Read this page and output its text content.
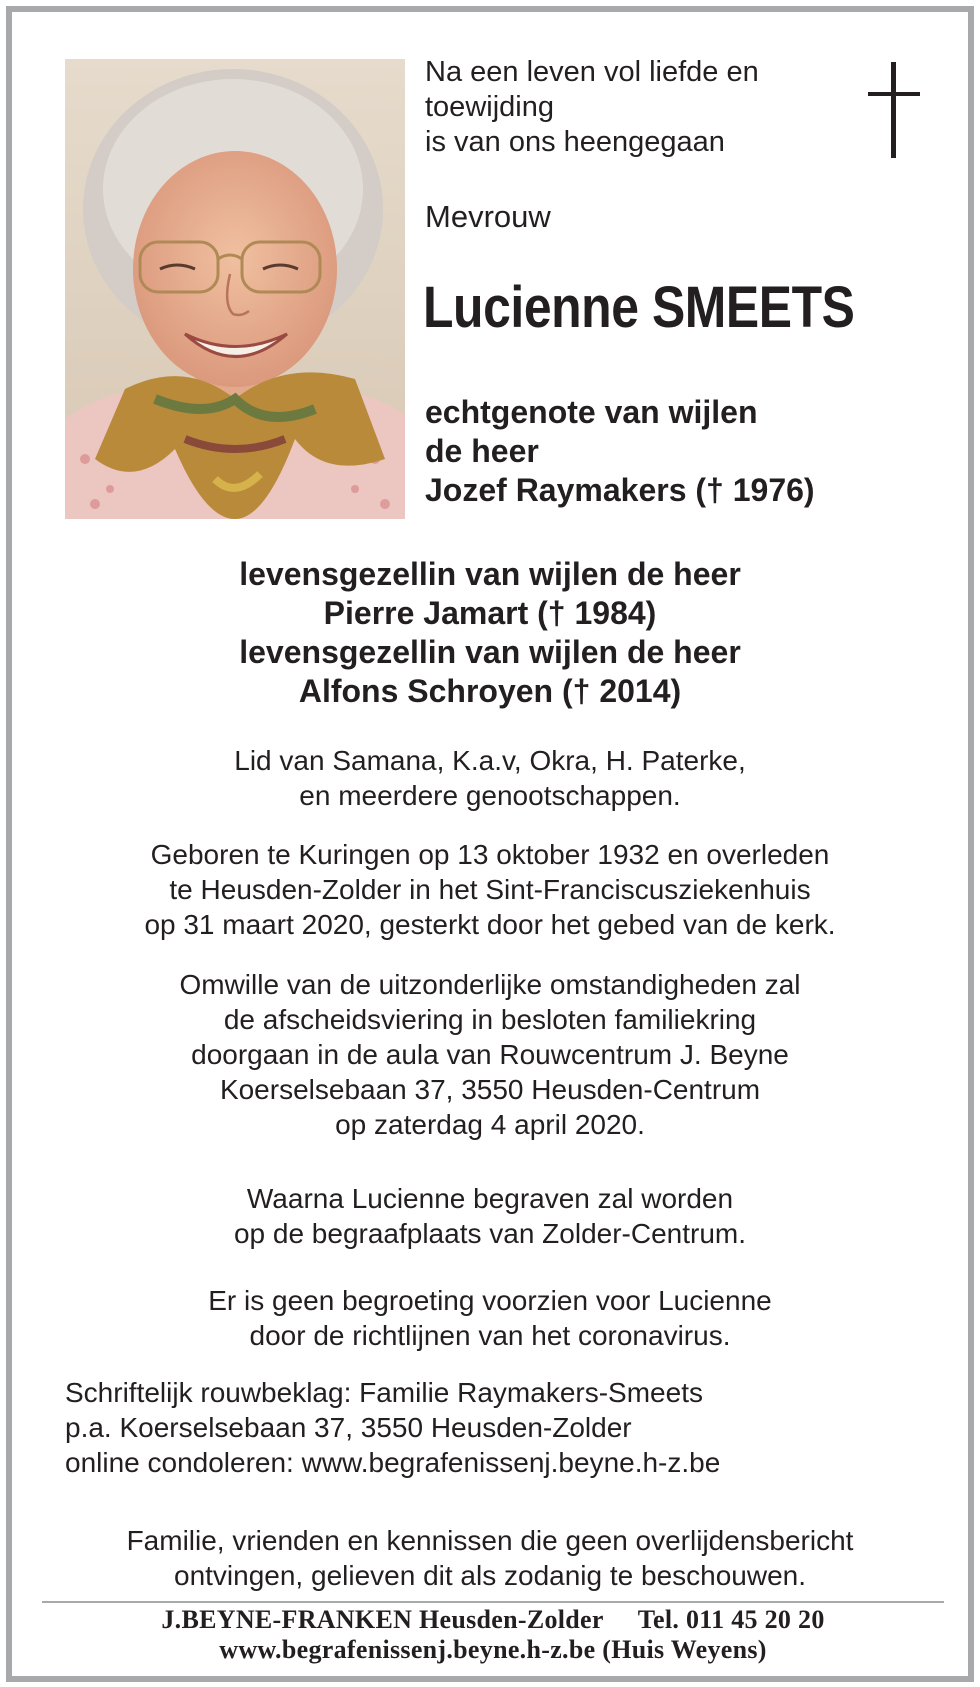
Na een leven vol liefde en
toewijding
is van ons heengegaan
Mevrouw
Lucienne SMEETS
echtgenote van wijlen
de heer
Jozef Raymakers († 1976)
levensgezellin van wijlen de heer
Pierre Jamart († 1984)
levensgezellin van wijlen de heer
Alfons Schroyen († 2014)
Lid van Samana, K.a.v, Okra, H. Paterke,
en meerdere genootschappen.
Geboren te Kuringen op 13 oktober 1932 en overleden
te Heusden-Zolder in het Sint-Franciscusziekenhuis
op 31 maart 2020, gesterkt door het gebed van de kerk.
Omwille van de uitzonderlijke omstandigheden zal
de afscheidsviering in besloten familiekring
doorgaan in de aula van Rouwcentrum J. Beyne
Koerselsebaan 37, 3550 Heusden-Centrum
op zaterdag 4 april 2020.
Waarna Lucienne begraven zal worden
op de begraafplaats van Zolder-Centrum.
Er is geen begroeting voorzien voor Lucienne
door de richtlijnen van het coronavirus.
Schriftelijk rouwbeklag: Familie Raymakers-Smeets
p.a. Koerselsebaan 37, 3550 Heusden-Zolder
online condoleren: www.begrafenissenj.beyne.h-z.be
Familie, vrienden en kennissen die geen overlijdensbericht
ontvingen, gelieven dit als zodanig te beschouwen.
J.BEYNE-FRANKEN Heusden-Zolder Tel. 011 45 20 20
www.begrafenissenj.beyne.h-z.be (Huis Weyens)
